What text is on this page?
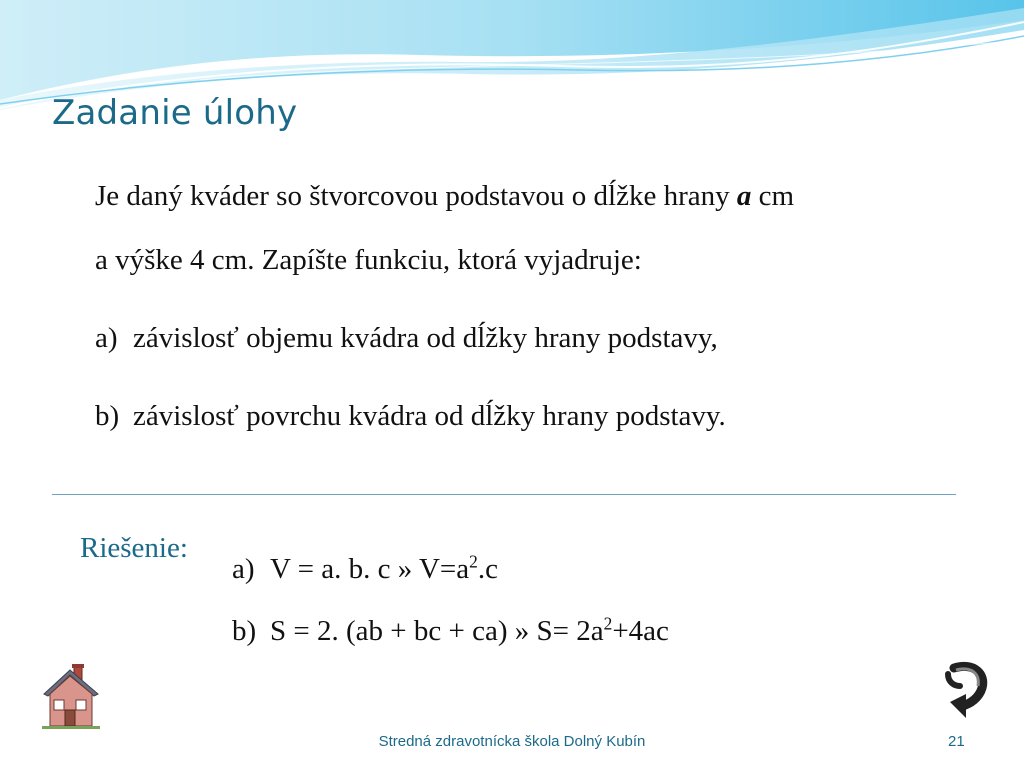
Zadanie úlohy
Je daný kváder so štvorcovou podstavou o dĺžke hrany a cm
a výške 4 cm. Zapíšte funkciu, ktorá vyjadruje:
a) závislosť objemu kvádra od dĺžky hrany podstavy,
b) závislosť povrchu kvádra od dĺžky hrany podstavy.
Riešenie:
a) V = a. b. c » $V=a^2.c$
b) S = 2. (ab + bc + ca) » $S= 2a^2+4ac$
Stredná zdravotnícka škola Dolný Kubín	21
